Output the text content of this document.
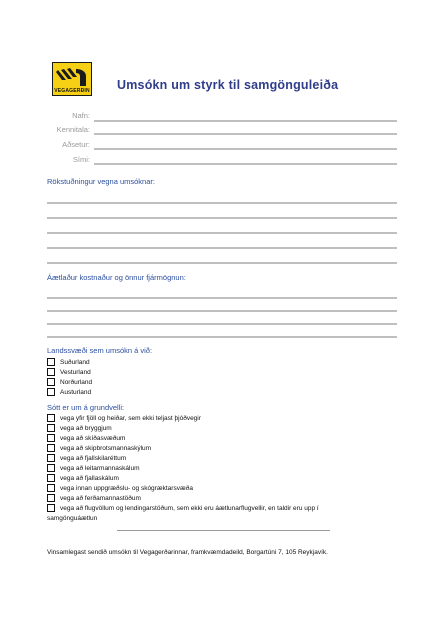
VEGAGERÐIN Umsókn um styrk til samgönguleiða
Nafn:
Kennitala:
Aðsetur:
Sími:
Rökstuðningur vegna umsóknar:
Áætlaður kostnaður og önnur fjármögnun:
Landssvæði sem umsókn á við:
Suðurland
Vesturland
Norðurland
Austurland
Sótt er um á grundvelli:
vega yfir fjöll og heiðar, sem ekki teljast þjóðvegir
vega að bryggjum
vega að skíðasvæðum
vega að skipbrotsmannaskýlum
vega að fjallskilaréttum
vega að leitarmannaskálum
vega að fjallaskálum
vega innan uppgræðslu- og skógræktarsvæða
vega að ferðamannastöðum
vega að flugvöllum og lendingarstöðum, sem ekki eru áætlunarflugvellir, en taldir eru upp í
samgönguáætlun
Vinsamlegast sendið umsókn til Vegagerðarinnar, framkvæmdadeild, Borgartúni 7, 105 Reykjavík.
